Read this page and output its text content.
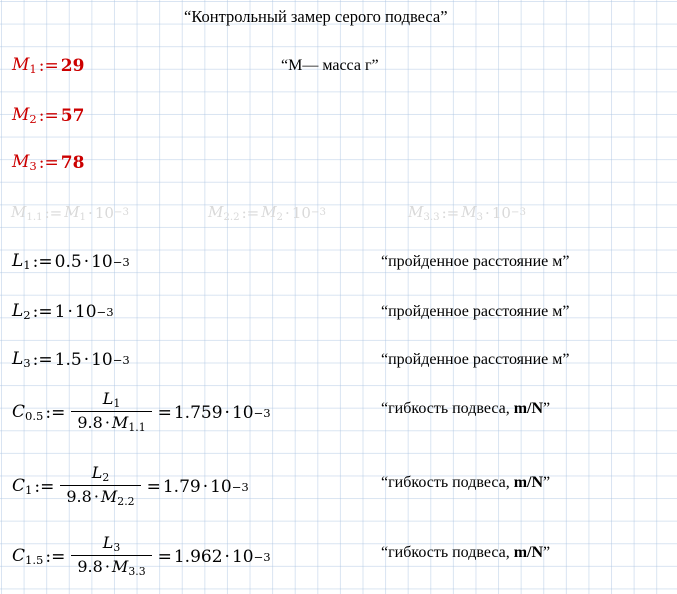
“Контрольный замер серого подвеса”
$M_1$ := 29	“М— масса г”
$M_2$ := 57
$M_3$ := 78
$M_{1.1}$ := $M_1 \cdot 10 -3$	$M_{2.2}$ := $M_2 \cdot 10 -3$	$M_{3.3}$ := $M_3 \cdot 10 -3$
$L_1$ := 0.5 · 10 −3	“пройденное расстояние м”
$L_2$ := 1 · 10 −3	“пройденное расстояние м”
$L_3$ := 1.5 · 10 −3	“пройденное расстояние м”
$C_{0.5}$ := $\frac{L_1}{9.8 \cdot M_{1.1}} = 1.759 \cdot 10 -3$	“гибкость подвеса, m/N”
$C_1$ := $\frac{L_2}{9.8 \cdot M_{2.2}} = 1.79 \cdot 10 -3$	“гибкость подвеса, m/N”
$C_{1.5}$ := $\frac{L_3}{9.8 \cdot M_{3.3}} = 1.962 \cdot 10 -3$	“гибкость подвеса, m/N”
